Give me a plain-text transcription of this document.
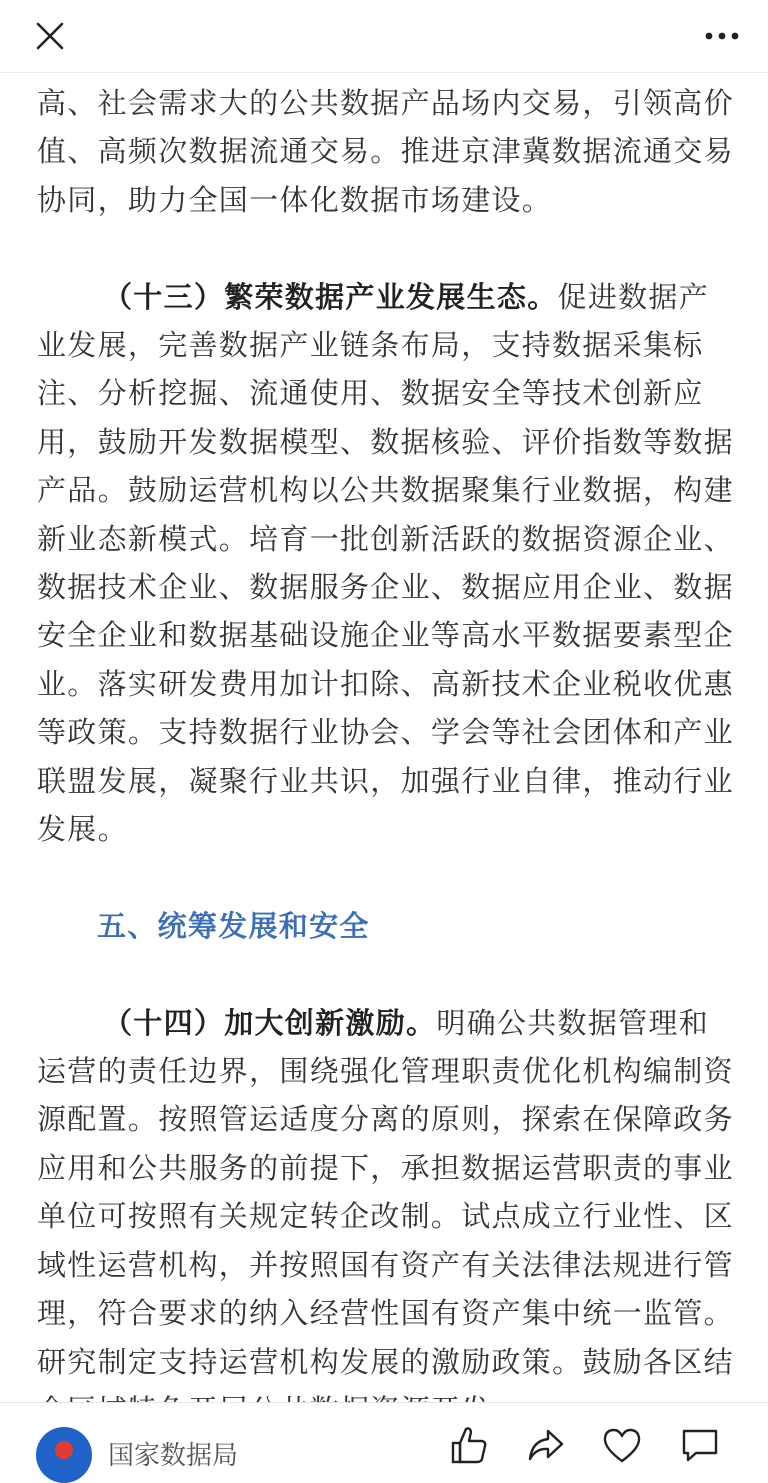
高、社会需求大的公共数据产品场内交易，引领高价值、高频次数据流通交易。推进京津冀数据流通交易协同，助力全国一体化数据市场建设。

（十三）繁荣数据产业发展生态。促进数据产业发展，完善数据产业链条布局，支持数据采集标注、分析挖掘、流通使用、数据安全等技术创新应用，鼓励开发数据模型、数据核验、评价指数等数据产品。鼓励运营机构以公共数据聚集行业数据，构建新业态新模式。培育一批创新活跃的数据资源企业、数据技术企业、数据服务企业、数据应用企业、数据安全企业和数据基础设施企业等高水平数据要素型企业。落实研发费用加计扣除、高新技术企业税收优惠等政策。支持数据行业协会、学会等社会团体和产业联盟发展，凝聚行业共识，加强行业自律，推动行业发展。

五、统筹发展和安全

（十四）加大创新激励。明确公共数据管理和运营的责任边界，围绕强化管理职责优化机构编制资源配置。按照管运适度分离的原则，探索在保障政务应用和公共服务的前提下，承担数据运营职责的事业单位可按照有关规定转企改制。试点成立行业性、区域性运营机构，并按照国有资产有关法律法规进行管理，符合要求的纳入经营性国有资产集中统一监管。研究制定支持运营机构发展的激励政策。鼓励各区结

国家数据局
